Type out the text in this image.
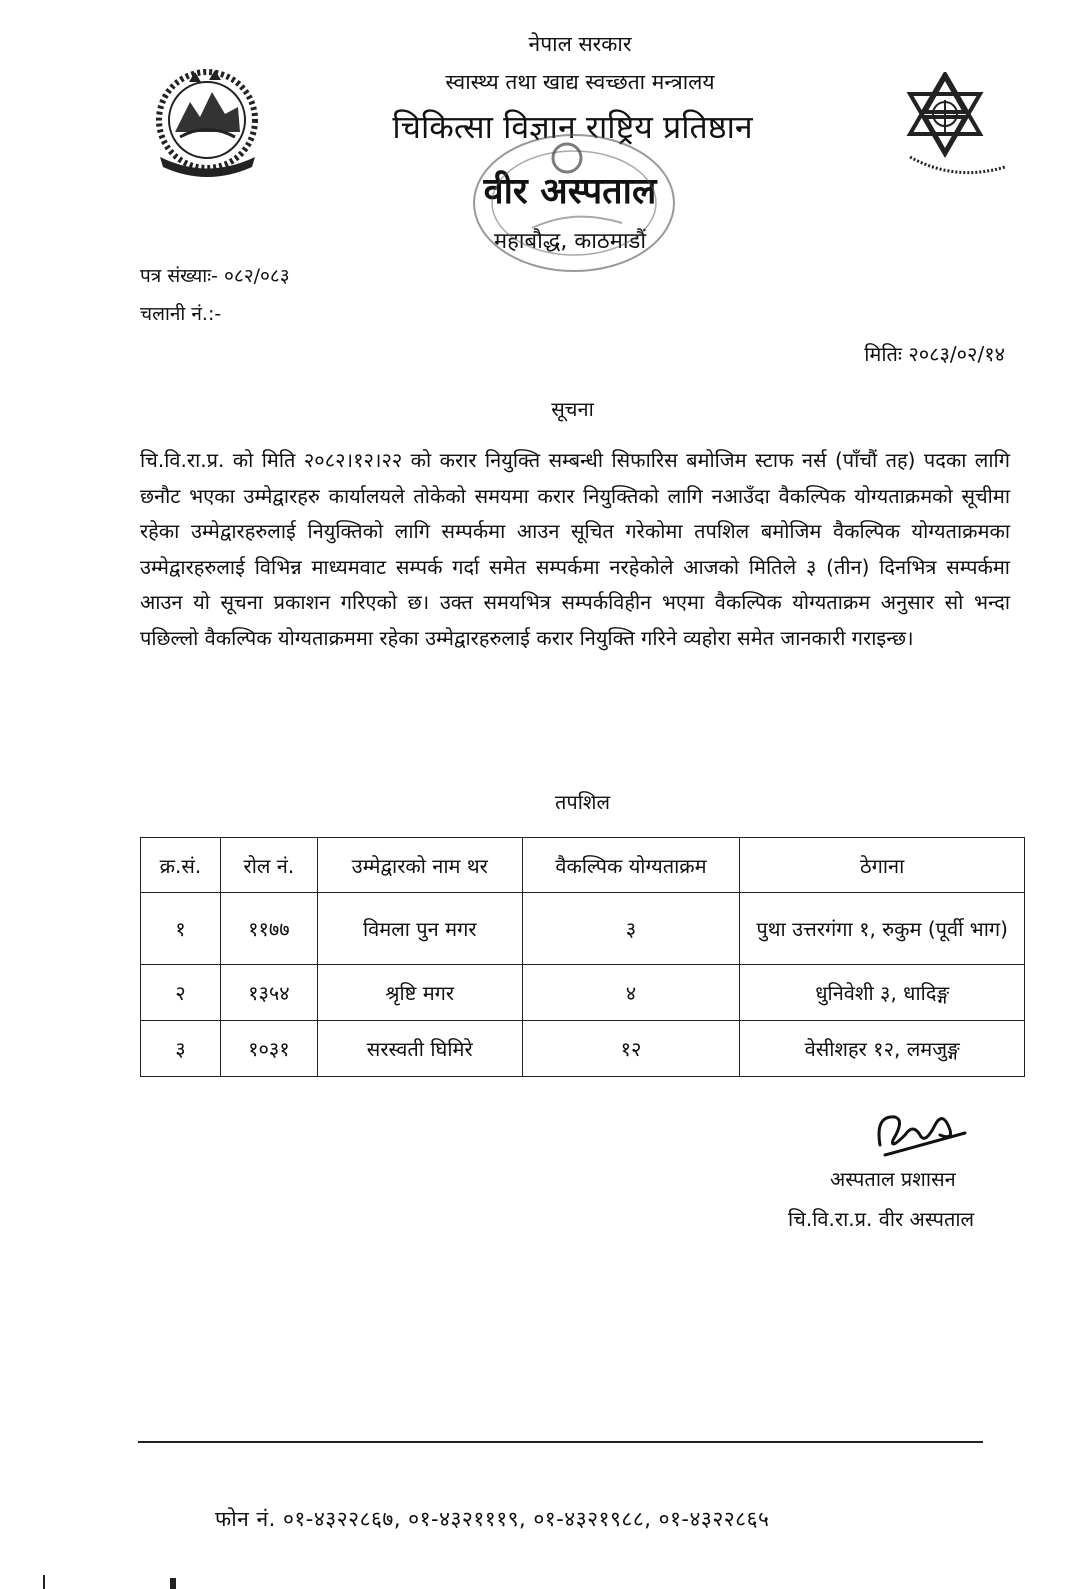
नेपाल सरकार
स्वास्थ्य तथा खाद्य स्वच्छता मन्त्रालय
चिकित्सा विज्ञान राष्ट्रिय प्रतिष्ठान
वीर अस्पताल
महाबौद्ध, काठमाडौं
पत्र संख्याः- ०८२/०८३
चलानी नं.:-
मितिः २०८३/०२/१४
सूचना
चि.वि.रा.प्र. को मिति २०८२।१२।२२ को करार नियुक्ति सम्बन्धी सिफारिस बमोजिम स्टाफ नर्स (पाँचौं तह) पदका लागि छनौट भएका उम्मेद्वारहरु कार्यालयले तोकेको समयमा करार नियुक्तिको लागि नआउँदा वैकल्पिक योग्यताक्रमको सूचीमा रहेका उम्मेद्वारहरुलाई नियुक्तिको लागि सम्पर्कमा आउन सूचित गरेकोमा तपशिल बमोजिम वैकल्पिक योग्यताक्रमका उम्मेद्वारहरुलाई विभिन्न माध्यमवाट सम्पर्क गर्दा समेत सम्पर्कमा नरहेकोले आजको मितिले ३ (तीन) दिनभित्र सम्पर्कमा आउन यो सूचना प्रकाशन गरिएको छ। उक्त समयभित्र सम्पर्कविहीन भएमा वैकल्पिक योग्यताक्रम अनुसार सो भन्दा पछिल्लो वैकल्पिक योग्यताक्रममा रहेका उम्मेद्वारहरुलाई करार नियुक्ति गरिने व्यहोरा समेत जानकारी गराइन्छ।
तपशिल
क्र.सं.	रोल नं.	उम्मेद्वारको नाम थर	वैकल्पिक योग्यताक्रम	ठेगाना
१	११७७	विमला पुन मगर	३	पुथा उत्तरगंगा १, रुकुम (पूर्वी भाग)
२	१३५४	श्रृष्टि मगर	४	धुनिवेशी ३, धादिङ्ग
३	१०३१	सरस्वती घिमिरे	१२	वेसीशहर १२, लमजुङ्ग
अस्पताल प्रशासन
चि.वि.रा.प्र. वीर अस्पताल
फोन नं. ०१-४३२२८६७, ०१-४३२१११९, ०१-४३२१९८८, ०१-४३२२८६५
